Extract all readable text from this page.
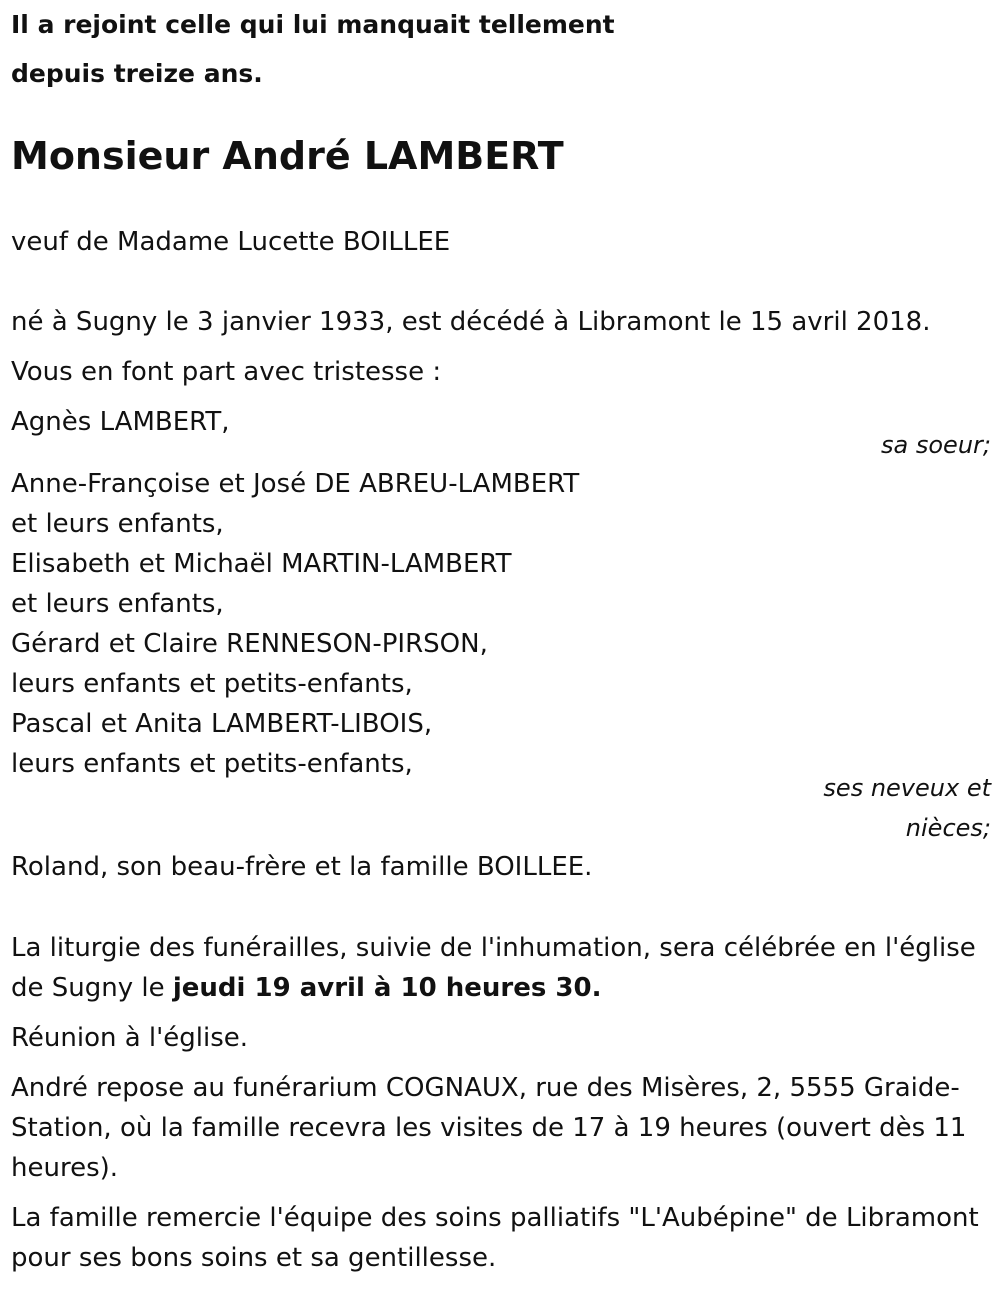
Il a rejoint celle qui lui manquait tellement
depuis treize ans.
Monsieur André LAMBERT
veuf de Madame Lucette BOILLEE
né à Sugny le 3 janvier 1933, est décédé à Libramont le 15 avril 2018.
Vous en font part avec tristesse :
Agnès LAMBERT,
sa soeur;
Anne-Françoise et José DE ABREU-LAMBERT
et leurs enfants,
Elisabeth et Michaël MARTIN-LAMBERT
et leurs enfants,
Gérard et Claire RENNESON-PIRSON,
leurs enfants et petits-enfants,
Pascal et Anita LAMBERT-LIBOIS,
leurs enfants et petits-enfants,
ses neveux et
nièces;
Roland, son beau-frère et la famille BOILLEE.
La liturgie des funérailles, suivie de l'inhumation, sera célébrée en l'église de Sugny le jeudi 19 avril à 10 heures 30.
Réunion à l'église.
André repose au funérarium COGNAUX, rue des Misères, 2, 5555 Graide-Station, où la famille recevra les visites de 17 à 19 heures (ouvert dès 11 heures).
La famille remercie l'équipe des soins palliatifs "L'Aubépine" de Libramont pour ses bons soins et sa gentillesse.
